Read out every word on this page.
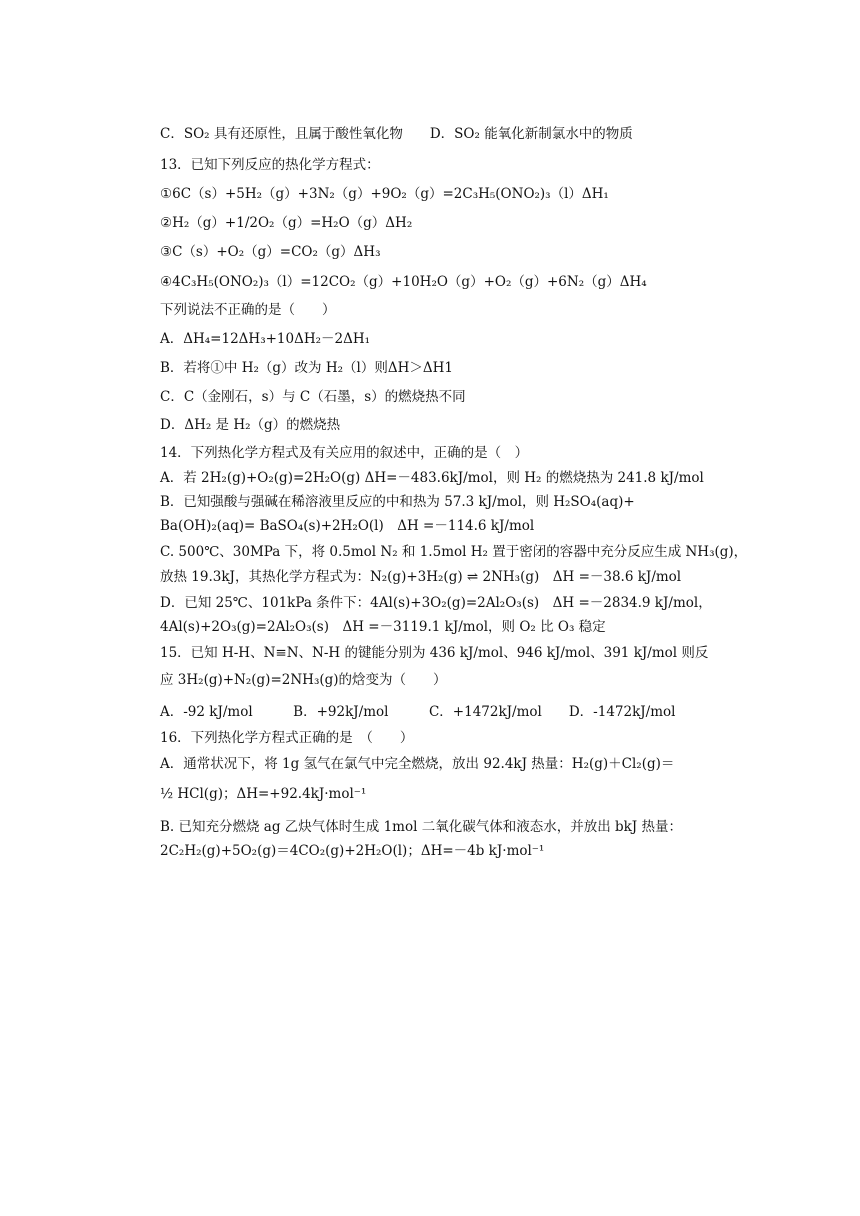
C．SO₂ 具有还原性，且属于酸性氧化物　　D．SO₂ 能氧化新制氯水中的物质
13．已知下列反应的热化学方程式：
①6C（s）+5H₂（g）+3N₂（g）+9O₂（g）=2C₃H₅(ONO₂)₃（l）ΔH₁
②H₂（g）+1/2O₂（g）=H₂O（g）ΔH₂
③C（s）+O₂（g）=CO₂（g）ΔH₃
④4C₃H₅(ONO₂)₃（l）=12CO₂（g）+10H₂O（g）+O₂（g）+6N₂（g）ΔH₄
下列说法不正确的是（　　）
A．ΔH₄=12ΔH₃+10ΔH₂－2ΔH₁
B．若将①中 H₂（g）改为 H₂（l）则ΔH＞ΔH1
C．C（金刚石，s）与 C（石墨，s）的燃烧热不同
D．ΔH₂ 是 H₂（g）的燃烧热
14．下列热化学方程式及有关应用的叙述中，正确的是（　）
A．若 2H₂(g)+O₂(g)=2H₂O(g) ΔH=－483.6kJ/mol，则 H₂ 的燃烧热为 241.8 kJ/mol
B．已知强酸与强碱在稀溶液里反应的中和热为 57.3 kJ/mol，则 H₂SO₄(aq)+
Ba(OH)₂(aq)= BaSO₄(s)+2H₂O(l)　ΔH =－114.6 kJ/mol
C. 500℃、30MPa 下，将 0.5mol N₂ 和 1.5mol H₂ 置于密闭的容器中充分反应生成 NH₃(g)，
放热 19.3kJ，其热化学方程式为：N₂(g)+3H₂(g) ⇌ 2NH₃(g)　ΔH =－38.6 kJ/mol
D．已知 25℃、101kPa 条件下：4Al(s)+3O₂(g)=2Al₂O₃(s)　ΔH =－2834.9 kJ/mol，
4Al(s)+2O₃(g)=2Al₂O₃(s)　ΔH =－3119.1 kJ/mol，则 O₂ 比 O₃ 稳定
15．已知 H-H、N≡N、N-H 的键能分别为 436 kJ/mol、946 kJ/mol、391 kJ/mol 则反
应 3H₂(g)+N₂(g)=2NH₃(g)的焓变为（　　）
A．-92 kJ/mol　　　B．+92kJ/mol　　　C．+1472kJ/mol　　D．-1472kJ/mol
16．下列热化学方程式正确的是　（　　）
A．通常状况下，将 1g 氢气在氯气中完全燃烧，放出 92.4kJ 热量：H₂(g)＋Cl₂(g)＝
½ HCl(g)；ΔH=+92.4kJ·mol⁻¹
B. 已知充分燃烧 ag 乙炔气体时生成 1mol 二氧化碳气体和液态水，并放出 bkJ 热量：
2C₂H₂(g)+5O₂(g)＝4CO₂(g)+2H₂O(l)；ΔH=－4b kJ·mol⁻¹
